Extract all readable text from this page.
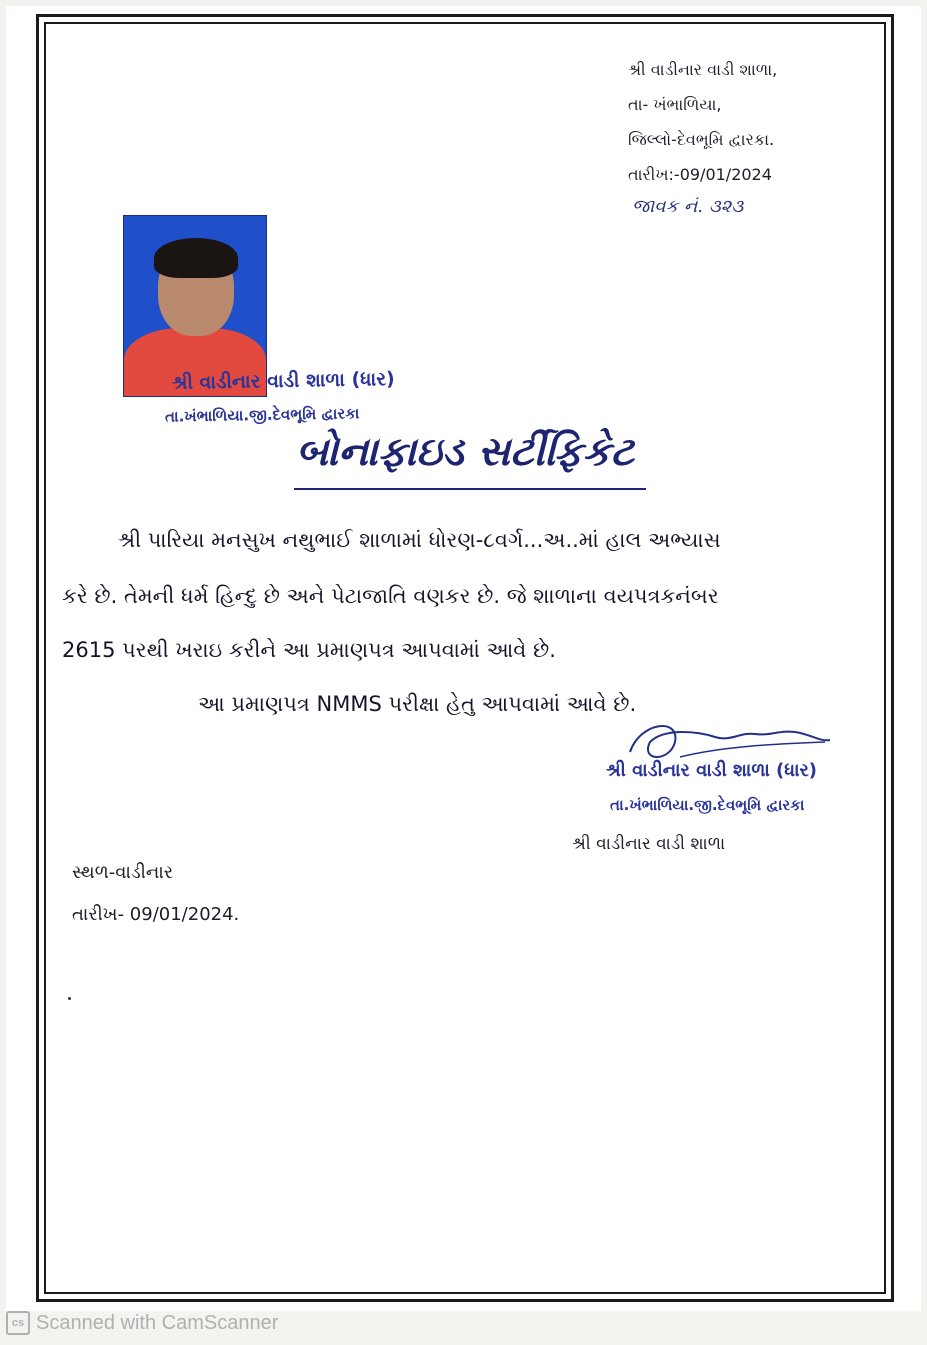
શ્રી વાડીનાર વાડી શાળા,
તા- ખંભાળિયા,
જિલ્લો-દેવભૂમિ દ્વારકા.
તારીખ:-09/01/2024
જાવક નં. ૩૨૩
શ્રી વાડીનાર વાડી શાળા (ધાર)
તા.ખંભાળિયા.જી.દેવભૂમિ દ્વારકા
બોનાફાઇડ સર્ટીફિકેટ
શ્રી પારિયા મનસુખ નથુભાઈ શાળામાં ધોરણ-૮વર્ગ...અ..માં હાલ અભ્યાસ
કરે છે. તેમની ધર્મ હિન્દુ છે અને પેટાજાતિ વણકર છે. જે શાળાના વયપત્રકનંબર
2615 પરથી ખરાઇ કરીને આ પ્રમાણપત્ર આપવામાં આવે છે.
આ પ્રમાણપત્ર NMMS પરીક્ષા હેતુ આપવામાં આવે છે.
શ્રી વાડીનાર વાડી શાળા (ધાર)
તા.ખંભાળિયા.જી.દેવભૂમિ દ્વારકા
શ્રી વાડીનાર વાડી શાળા
સ્થળ-વાડીનાર
તારીખ- 09/01/2024.
cs Scanned with CamScanner
